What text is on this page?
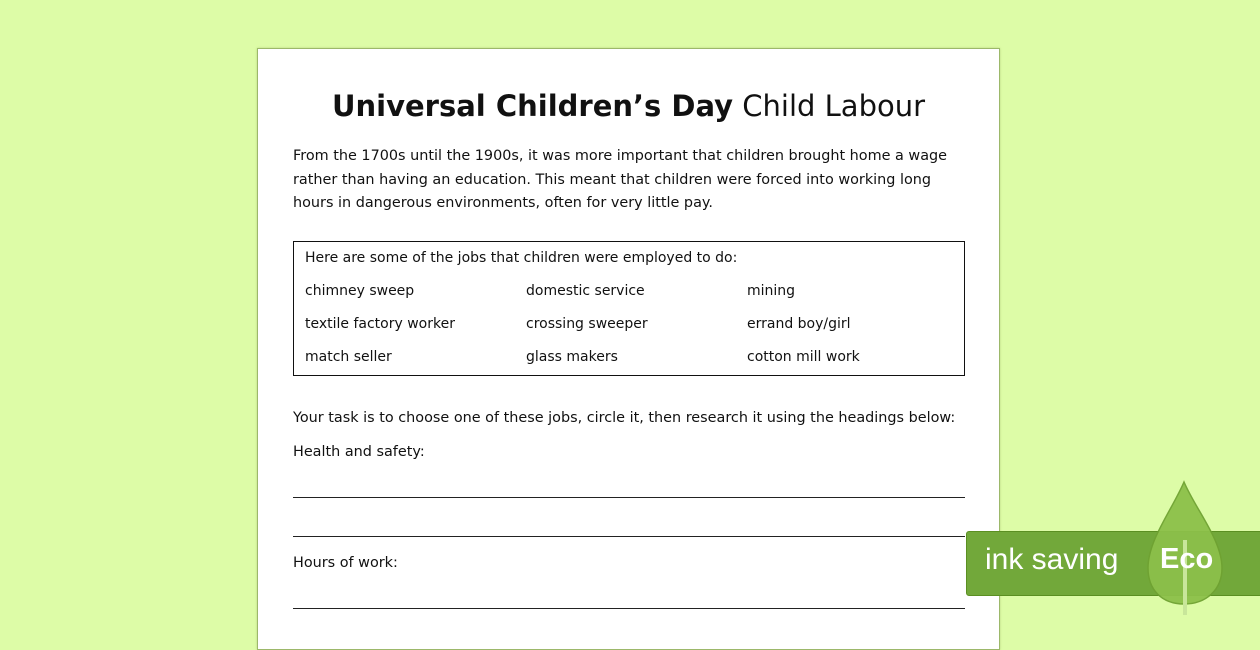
Universal Children’s Day Child Labour
From the 1700s until the 1900s, it was more important that children brought home a wage rather than having an education. This meant that children were forced into working long hours in dangerous environments, often for very little pay.
Here are some of the jobs that children were employed to do:
chimney sweep	domestic service	mining
textile factory worker	crossing sweeper	errand boy/girl
match seller	glass makers	cotton mill work
Your task is to choose one of these jobs, circle it, then research it using the headings below:
Health and safety:
Hours of work:	ink saving Eco
